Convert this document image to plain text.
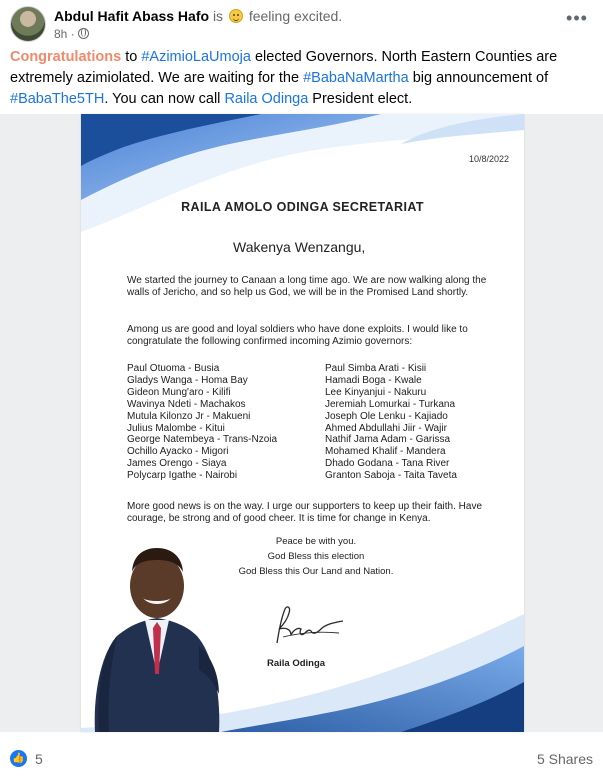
Abdul Hafit Abass Hafo is feeling excited.
8h ·
•••
Congratulations to #AzimioLaUmoja elected Governors. North Eastern Counties are extremely azimiolated. We are waiting for the #BabaNaMartha big announcement of #BabaThe5TH. You can now call Raila Odinga President elect.
10/8/2022
RAILA AMOLO ODINGA SECRETARIAT
Wakenya Wenzangu,
We started the journey to Canaan a long time ago. We are now walking along the walls of Jericho, and so help us God, we will be in the Promised Land shortly.
Among us are good and loyal soldiers who have done exploits. I would like to congratulate the following confirmed incoming Azimio governors:
Paul Otuoma - Busia
Gladys Wanga - Homa Bay
Gideon Mung'aro - Kilifi
Wavinya Ndeti - Machakos
Mutula Kilonzo Jr - Makueni
Julius Malombe - Kitui
George Natembeya - Trans-Nzoia
Ochillo Ayacko - Migori
James Orengo - Siaya
Polycarp Igathe - Nairobi
Paul Simba Arati - Kisii
Hamadi Boga - Kwale
Lee Kinyanjui - Nakuru
Jeremiah Lomurkai - Turkana
Joseph Ole Lenku - Kajiado
Ahmed Abdullahi Jiir - Wajir
Nathif Jama Adam - Garissa
Mohamed Khalif - Mandera
Dhado Godana - Tana River
Granton Saboja - Taita Taveta
More good news is on the way. I urge our supporters to keep up their faith. Have courage, be strong and of good cheer. It is time for change in Kenya.
Peace be with you.
God Bless this election
God Bless this Our Land and Nation.
Raila Odinga
👍 5	5 Shares
